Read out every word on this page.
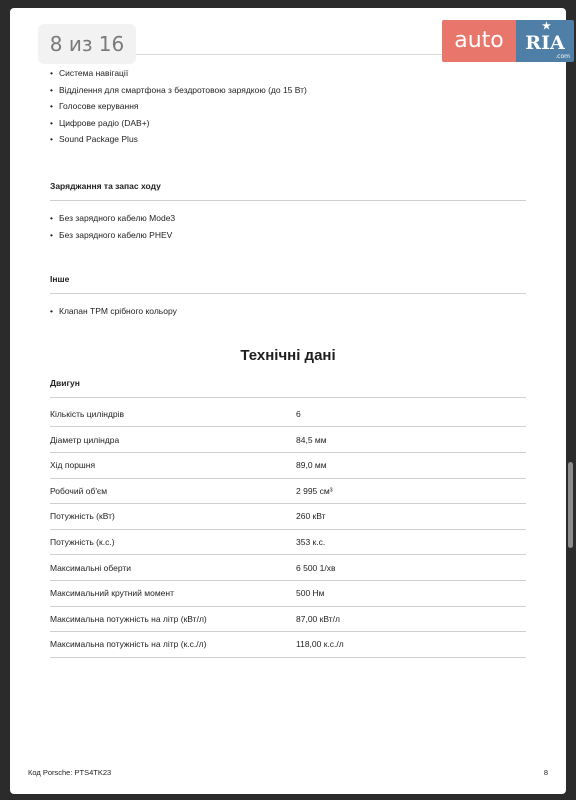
8 из 16	auto
★
RIA
.com
• Система навігації
• Відділення для смартфона з бездротовою зарядкою (до 15 Вт)
• Голосове керування
• Цифрове радіо (DAB+)
• Sound Package Plus
Заряджання та запас ходу
• Без зарядного кабелю Mode3
• Без зарядного кабелю PHEV
Інше
• Клапан TPM срібного кольору
Технічні дані
Двигун
Кількість циліндрів	6
Діаметр циліндра	84,5 мм
Хід поршня	89,0 мм
Робочий об'єм	2 995 см³
Потужність (кВт)	260 кВт
Потужність (к.с.)	353 к.с.
Максимальні оберти	6 500 1/хв
Максимальний крутний момент	500 Нм
Максимальна потужність на літр (кВт/л)	87,00 кВт/л
Максимальна потужність на літр (к.с./л)	118,00 к.с./л
Код Porsche: PTS4TK23	8
